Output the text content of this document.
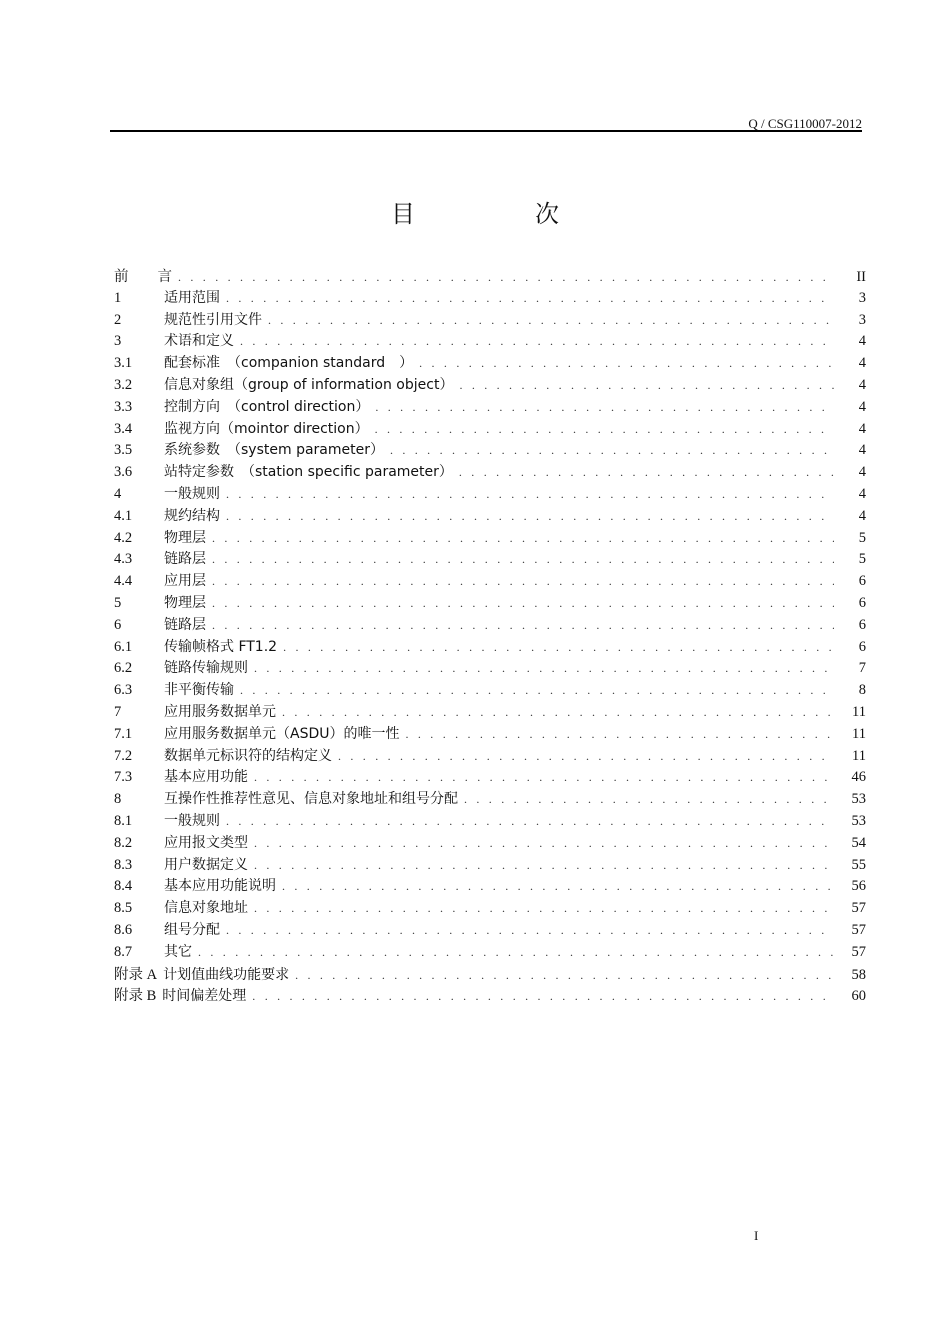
Q / CSG110007-2012
目　次
前　　言 . . .	II
1	适用范围 . . .	3
2	规范性引用文件 . . .	3
3	术语和定义 . . .	4
3.1	配套标准　（companion standard　） . . .	4
3.2	信息对象组（group of information object） . . .	4
3.3	控制方向　（control direction） . . .	4
3.4	监视方向（mointor direction） . . .	4
3.5	系统参数　（system parameter） . . .	4
3.6	站特定参数　（station specific parameter） . . .	4
4	一般规则 . . .	4
4.1	规约结构 . . .	4
4.2	物理层 . . .	5
4.3	链路层 . . .	5
4.4	应用层 . . .	6
5	物理层 . . .	6
6	链路层 . . .	6
6.1	传输帧格式 FT1.2 . . .	6
6.2	链路传输规则 . . .	7
6.3	非平衡传输 . . .	8
7	应用服务数据单元 . . .	11
7.1	应用服务数据单元（ASDU）的唯一性 . . .	11
7.2	数据单元标识符的结构定义 . . .	11
7.3	基本应用功能 . . .	46
8	互操作性推荐性意见、信息对象地址和组号分配 . . .	53
8.1	一般规则 . . .	53
8.2	应用报文类型 . . .	54
8.3	用户数据定义 . . .	55
8.4	基本应用功能说明 . . .	56
8.5	信息对象地址 . . .	57
8.6	组号分配 . . .	57
8.7	其它 . . .	57
附录 A 计划值曲线功能要求 . . .	58
附录 B 时间偏差处理 . . .	60
I
